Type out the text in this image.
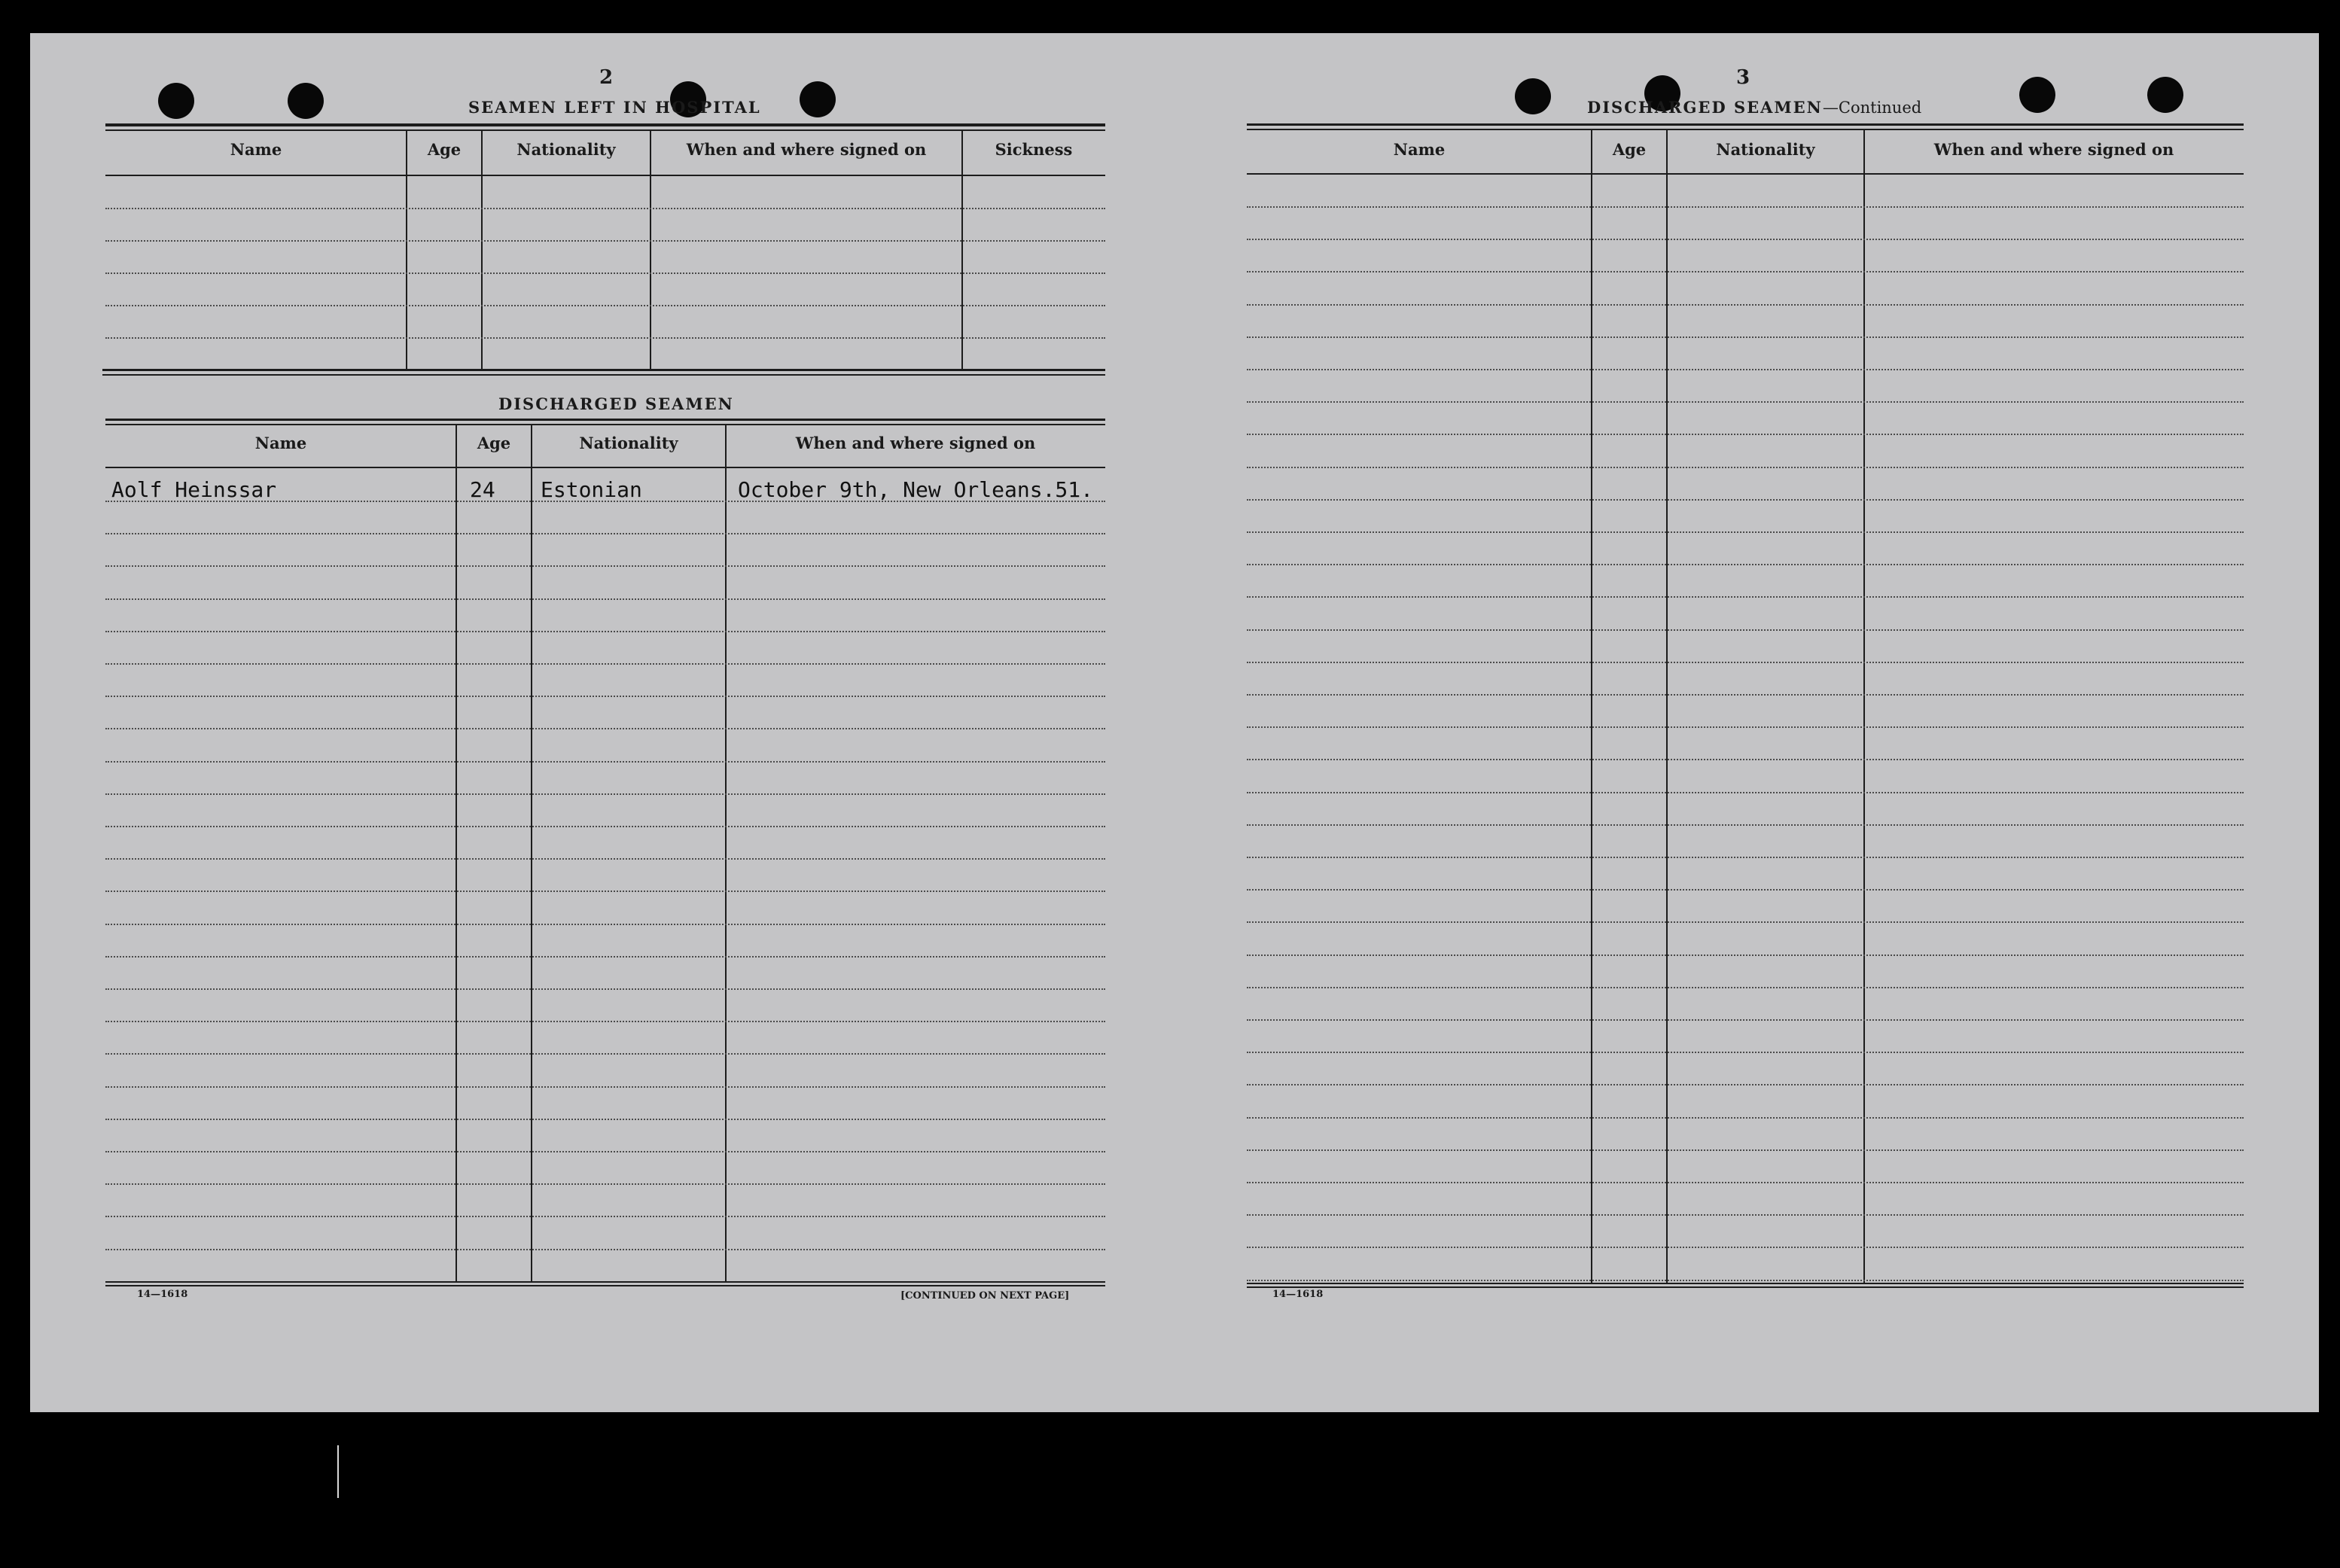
2
SEAMEN LEFT IN HOSPITAL
Name	Age	Nationality	When and where signed on	Sickness
DISCHARGED SEAMEN
Name	Age	Nationality	When and where signed on
Aolf Heinssar	24 Estonian	October 9th, New Orleans.51.
14—1618	[CONTINUED ON NEXT PAGE]
3
DISCHARGED SEAMEN—Continued
Name	Age	Nationality	When and where signed on
14—1618
